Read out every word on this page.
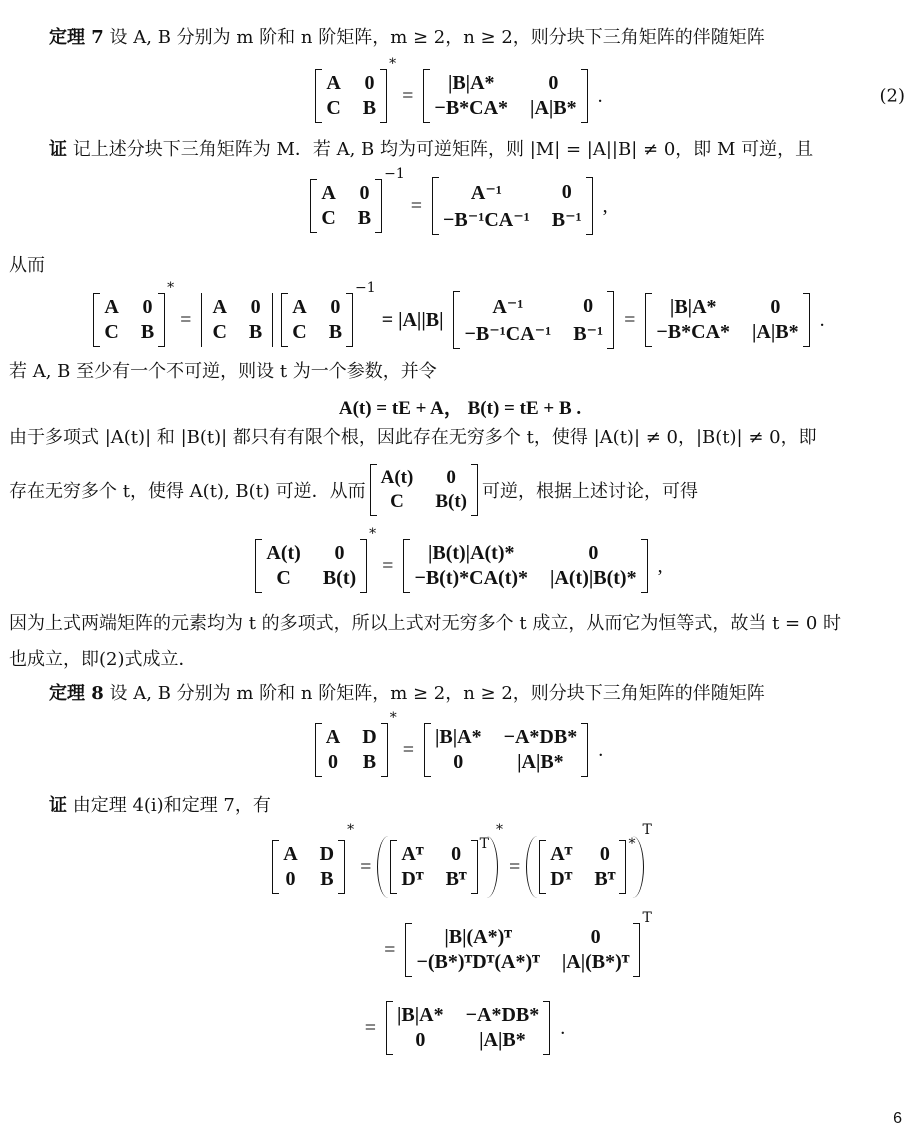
定理 7 设 A, B 分别为 m 阶和 n 阶矩阵，m ≥ 2，n ≥ 2，则分块下三角矩阵的伴随矩阵
A 0
C B
*
=
|B|A*	0
−B*CA* |A|B*
.	(2)
证 记上述分块下三角矩阵为 M．若 A, B 均为可逆矩阵，则 |M| = |A||B| ≠ 0，即 M 可逆，且
A 0
C B
−1
=
A⁻¹	0
−B⁻¹CA⁻¹ B⁻¹
,
从而
A 0
C B
*
=
A 0
C B
A 0
C B
−1
= |A||B|
A⁻¹	0
−B⁻¹CA⁻¹ B⁻¹
=
|B|A*	0
−B*CA* |A|B*
.
若 A, B 至少有一个不可逆，则设 t 为一个参数，并令
A(t) = tE + A， B(t) = tE + B .
由于多项式 |A(t)| 和 |B(t)| 都只有有限个根，因此存在无穷多个 t，使得 |A(t)| ≠ 0，|B(t)| ≠ 0，即
存在无穷多个 t，使得 A(t), B(t) 可逆．从而
A(t)	0
C	B(t) 可逆，根据上述讨论，可得
A(t)	0
C	B(t)
*
=
|B(t)|A(t)*	0
−B(t)*CA(t)* |A(t)|B(t)*
,
因为上式两端矩阵的元素均为 t 的多项式，所以上式对无穷多个 t 成立，从而它为恒等式，故当 t = 0 时
也成立，即(2)式成立．
定理 8 设 A, B 分别为 m 阶和 n 阶矩阵，m ≥ 2，n ≥ 2，则分块下三角矩阵的伴随矩阵
A D
0 B
*
=
|B|A* −A*DB*
0	|A|B*
.
证 由定理 4(i)和定理 7，有
A D
0 B
*
=
Aᵀ 0
Dᵀ Bᵀ
T
*
=
Aᵀ 0
Dᵀ Bᵀ
*
T
=
|B|(A*)ᵀ	0
−(B*)ᵀDᵀ(A*)ᵀ |A|(B*)ᵀ
T
=
|B|A* −A*DB*
0	|A|B*
.
6
